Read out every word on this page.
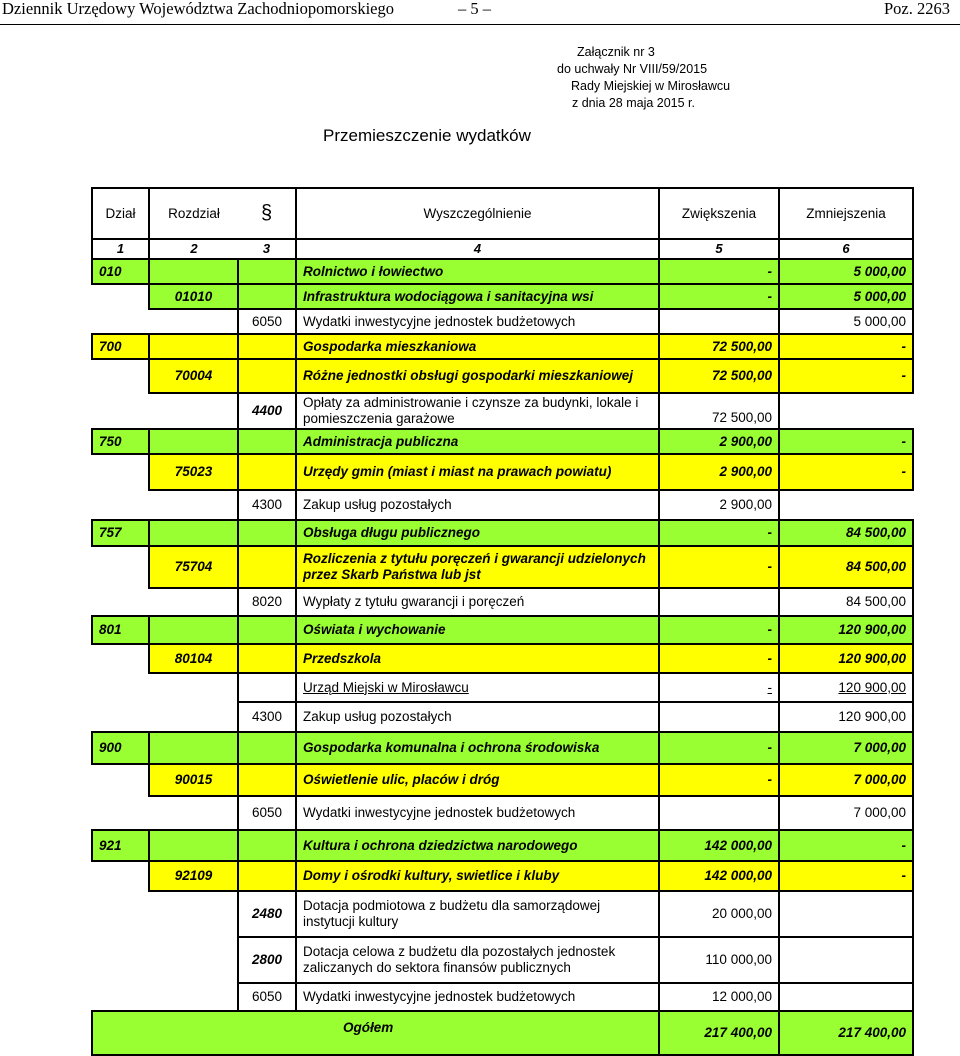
Dziennik Urzędowy Województwa Zachodniopomorskiego	– 5 –	Poz. 2263
Załącznik nr 3
do uchwały Nr VIII/59/2015
Rady Miejskiej w Mirosławcu
z dnia 28 maja 2015 r.
Przemieszczenie wydatków
Dział	Rozdział	§	Wyszczególnienie	Zwiększenia	Zmniejszenia
1	2	3	4	5	6
010			Rolnictwo i łowiectwo	-	5 000,00
	01010		Infrastruktura wodociągowa i sanitacyjna wsi	-	5 000,00
		6050	Wydatki inwestycyjne jednostek budżetowych		5 000,00
700			Gospodarka mieszkaniowa	72 500,00	-
	70004		Różne jednostki obsługi gospodarki mieszkaniowej	72 500,00	-
		4400	Opłaty za administrowanie i czynsze za budynki, lokale i pomieszczenia garażowe	72 500,00	
750			Administracja publiczna	2 900,00	-
	75023		Urzędy gmin (miast i miast na prawach powiatu)	2 900,00	-
		4300	Zakup usług pozostałych	2 900,00	
757			Obsługa długu publicznego	-	84 500,00
	75704		Rozliczenia z tytułu poręczeń i gwarancji udzielonych przez Skarb Państwa lub jst	-	84 500,00
		8020	Wypłaty z tytułu gwarancji i poręczeń		84 500,00
801			Oświata i wychowanie	-	120 900,00
	80104		Przedszkola	-	120 900,00
			Urząd Miejski w Mirosławcu	-	120 900,00
		4300	Zakup usług pozostałych		120 900,00
900			Gospodarka komunalna i ochrona środowiska	-	7 000,00
	90015		Oświetlenie ulic, placów i dróg	-	7 000,00
		6050	Wydatki inwestycyjne jednostek budżetowych		7 000,00
921			Kultura i ochrona dziedzictwa narodowego	142 000,00	-
	92109		Domy i ośrodki kultury, swietlice i kluby	142 000,00	-
		2480	Dotacja podmiotowa z budżetu dla samorządowej instytucji kultury	20 000,00	
		2800	Dotacja celowa z budżetu dla pozostałych jednostek zaliczanych do sektora finansów publicznych	110 000,00	
		6050	Wydatki inwestycyjne jednostek budżetowych	12 000,00	
Ogółem				217 400,00	217 400,00
